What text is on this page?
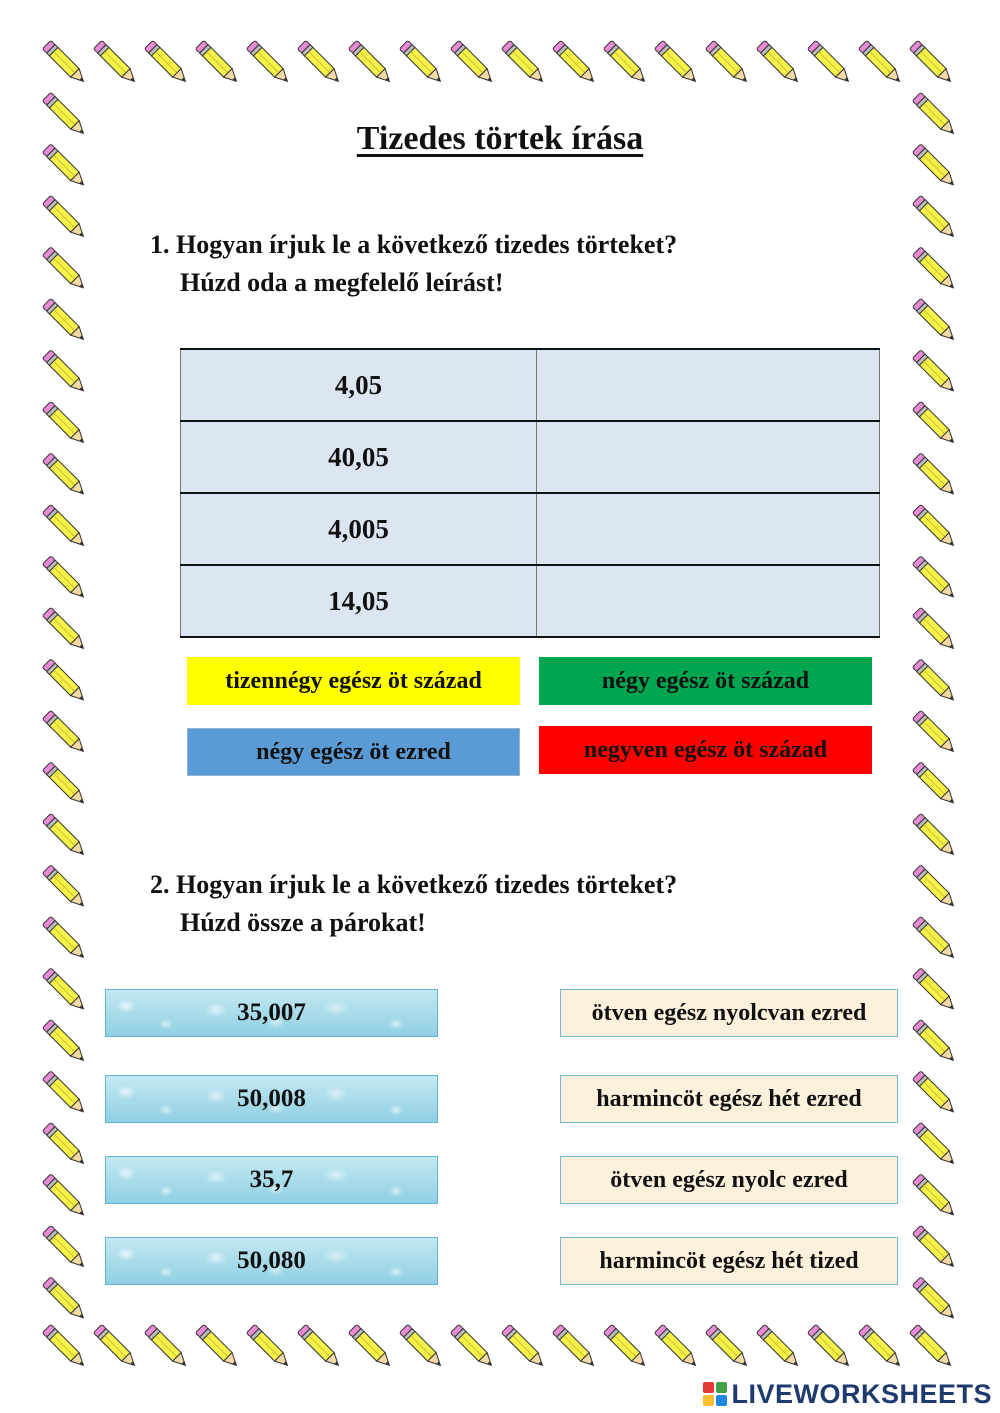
Tizedes törtek írása
1. Hogyan írjuk le a következő tizedes törteket?
Húzd oda a megfelelő leírást!
4,05	
40,05	
4,005	
14,05	
tizennégy egész öt század	négy egész öt század
négy egész öt ezred	negyven egész öt század
2. Hogyan írjuk le a következő tizedes törteket?
Húzd össze a párokat!
35,007
50,008
35,7
50,080
ötven egész nyolcvan ezred
harmincöt egész hét ezred
ötven egész nyolc ezred
harmincöt egész hét tized
LIVEWORKSHEETS
